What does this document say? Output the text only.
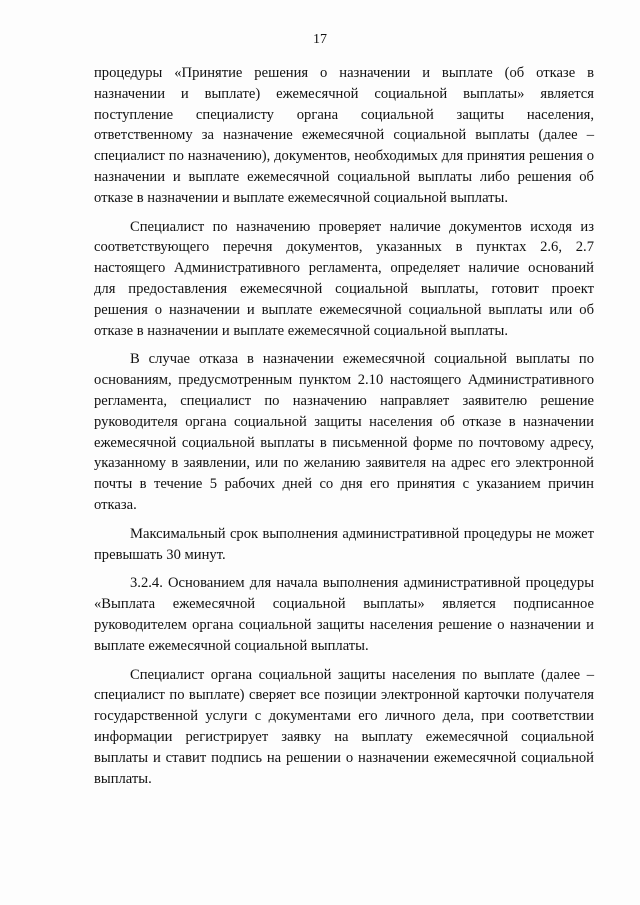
17

процедуры «Принятие решения о назначении и выплате (об отказе в назначении и выплате) ежемесячной социальной выплаты» является поступление специалисту органа социальной защиты населения, ответственному за назначение ежемесячной социальной выплаты (далее – специалист по назначению), документов, необходимых для принятия решения о назначении и выплате ежемесячной социальной выплаты либо решения об отказе в назначении и выплате ежемесячной социальной выплаты.

Специалист по назначению проверяет наличие документов исходя из соответствующего перечня документов, указанных в пунктах 2.6, 2.7 настоящего Административного регламента, определяет наличие оснований для предоставления ежемесячной социальной выплаты, готовит проект решения о назначении и выплате ежемесячной социальной выплаты или об отказе в назначении и выплате ежемесячной социальной выплаты.

В случае отказа в назначении ежемесячной социальной выплаты по основаниям, предусмотренным пунктом 2.10 настоящего Административного регламента, специалист по назначению направляет заявителю решение руководителя органа социальной защиты населения об отказе в назначении ежемесячной социальной выплаты в письменной форме по почтовому адресу, указанному в заявлении, или по желанию заявителя на адрес его электронной почты в течение 5 рабочих дней со дня его принятия с указанием причин отказа.

Максимальный срок выполнения административной процедуры не может превышать 30 минут.

3.2.4. Основанием для начала выполнения административной процедуры «Выплата ежемесячной социальной выплаты» является подписанное руководителем органа социальной защиты населения решение о назначении и выплате ежемесячной социальной выплаты.

Специалист органа социальной защиты населения по выплате (далее – специалист по выплате) сверяет все позиции электронной карточки получателя государственной услуги с документами его личного дела, при соответствии информации регистрирует заявку на выплату ежемесячной социальной выплаты и ставит подпись на решении о назначении ежемесячной социальной выплаты.
